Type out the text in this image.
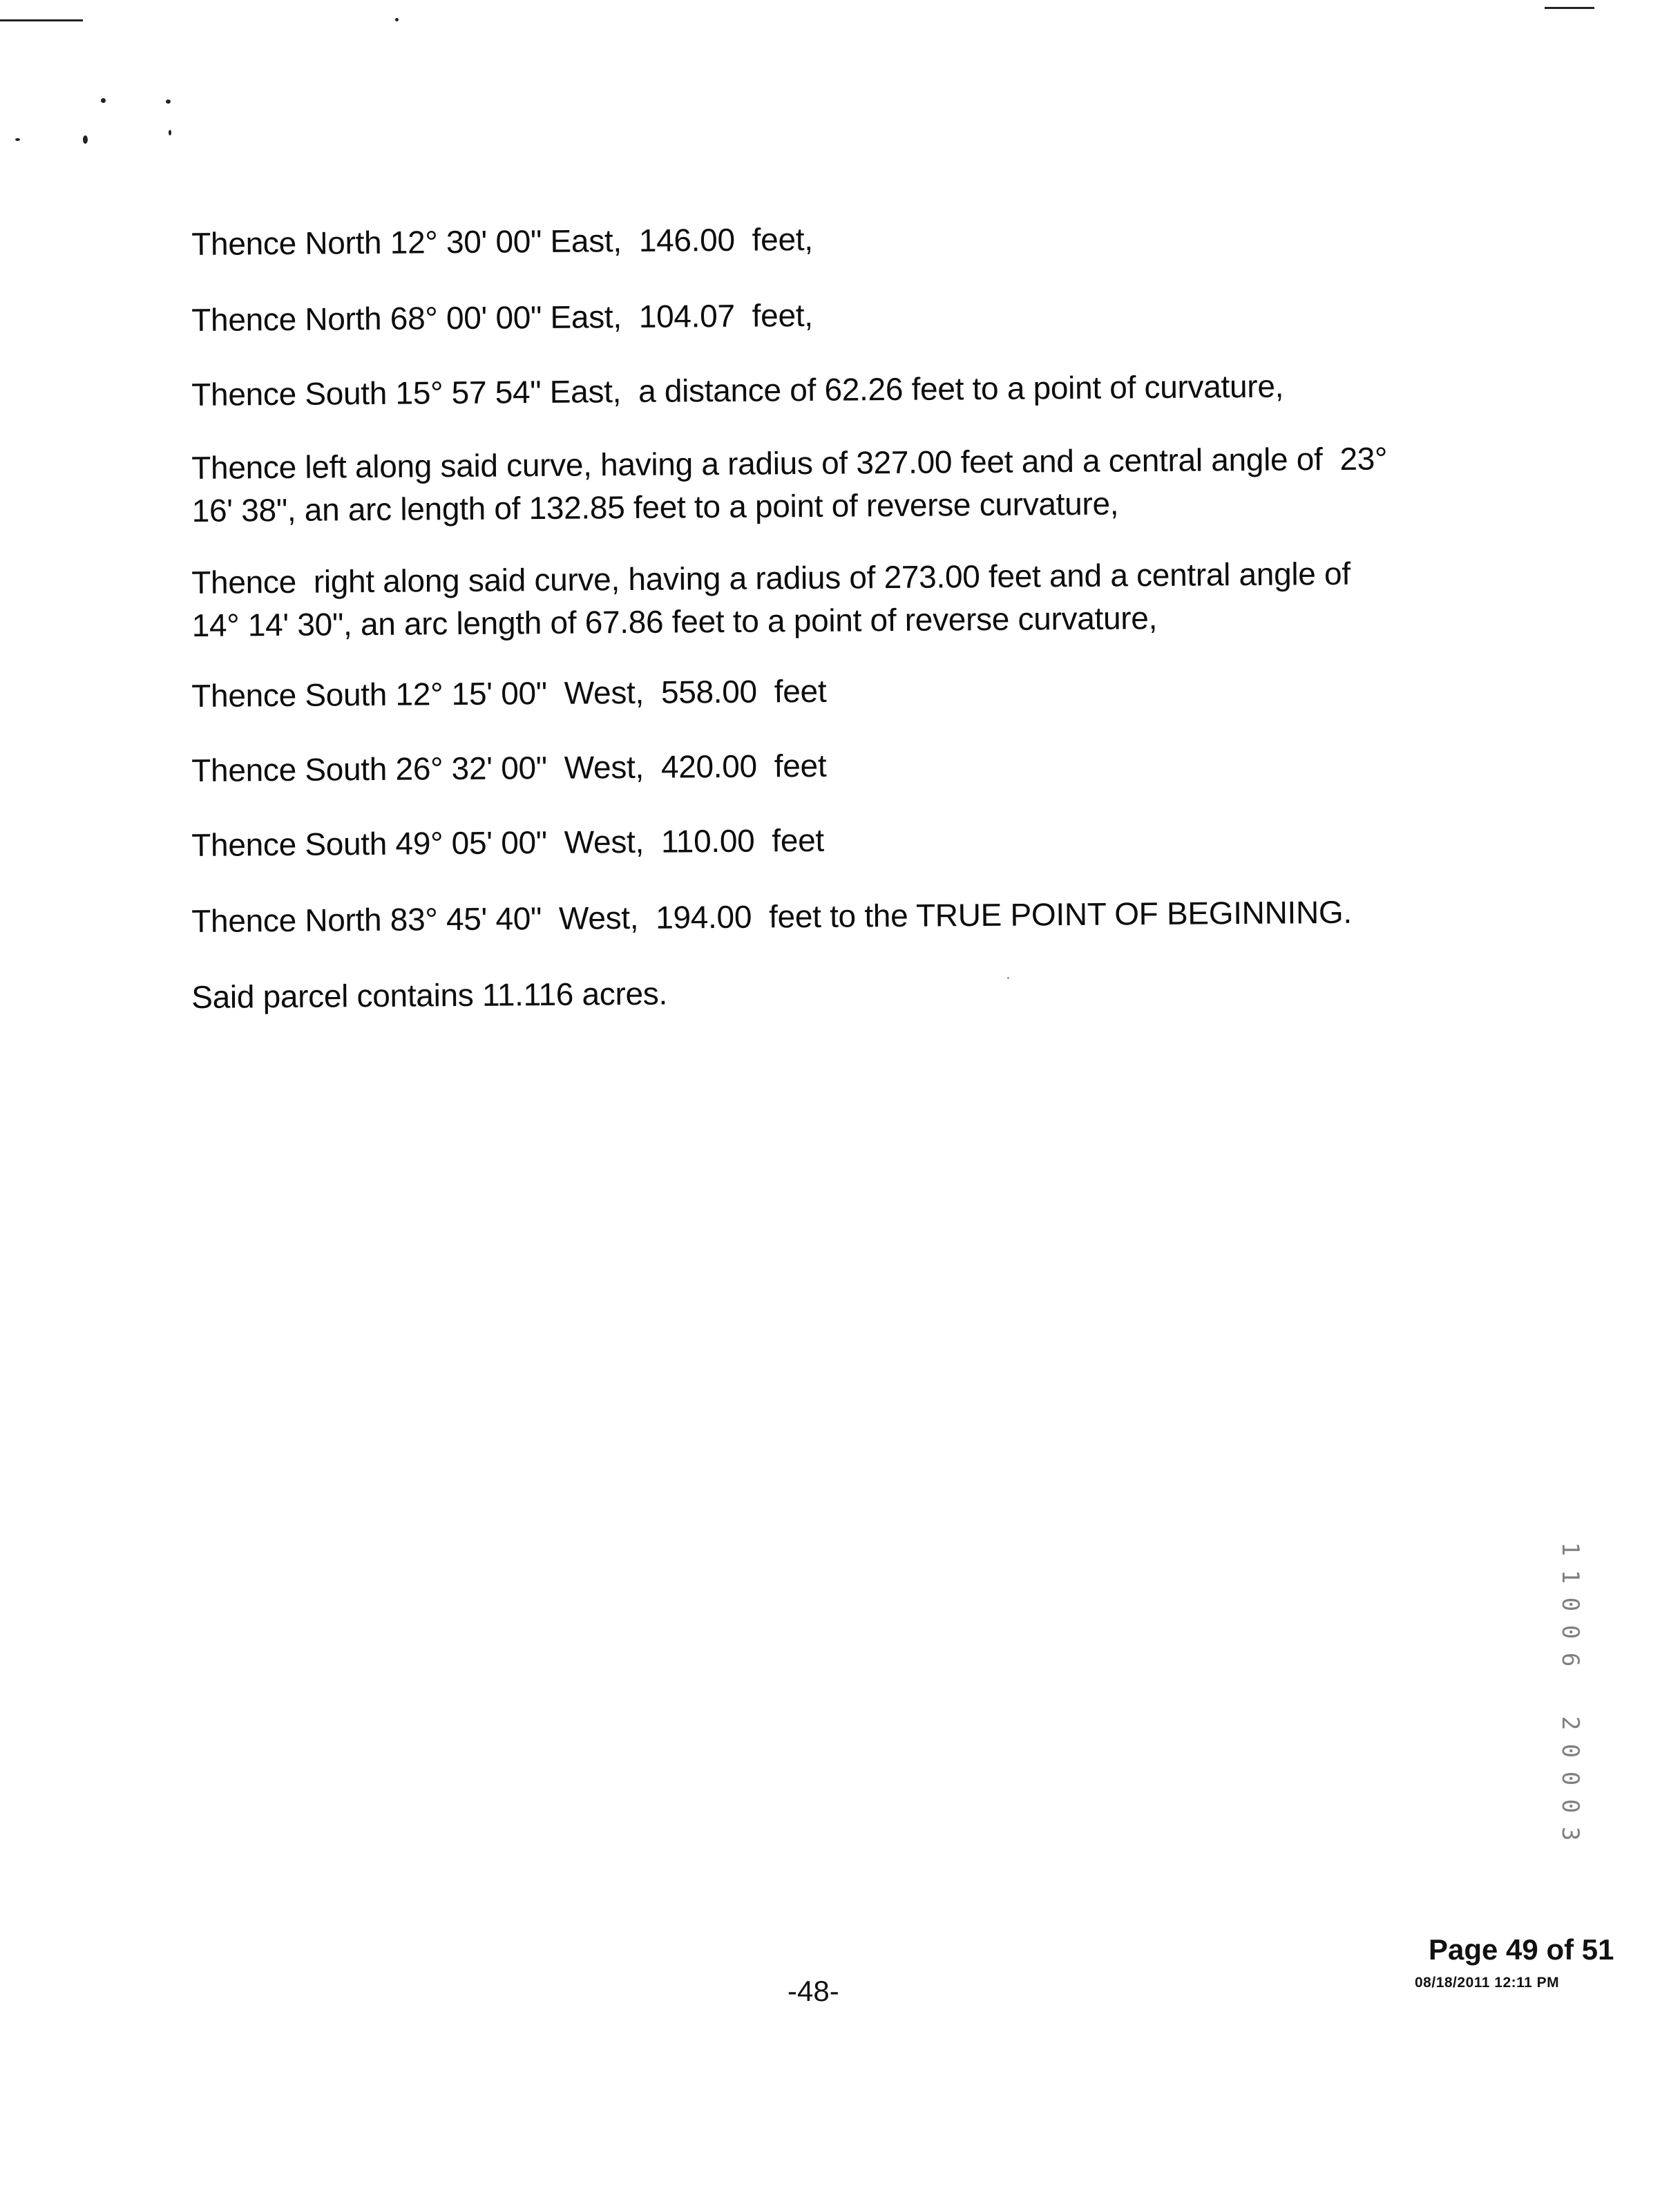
Thence North 12° 30' 00" East,  146.00  feet,
Thence North 68° 00' 00" East,  104.07  feet,
Thence South 15° 57 54" East,  a distance of 62.26 feet to a point of curvature,
Thence left along said curve, having a radius of 327.00 feet and a central angle of  23°
16' 38", an arc length of 132.85 feet to a point of reverse curvature,
Thence  right along said curve, having a radius of 273.00 feet and a central angle of
14° 14' 30", an arc length of 67.86 feet to a point of reverse curvature,
Thence South 12° 15' 00"  West,  558.00  feet
Thence South 26° 32' 00"  West,  420.00  feet
Thence South 49° 05' 00"  West,  110.00  feet
Thence North 83° 45' 40"  West,  194.00  feet to the TRUE POINT OF BEGINNING.
Said parcel contains 11.116 acres.
-48-
Page 49 of 51
08/18/2011 12:11 PM
1
1
0
0
6
2
0
0
0
3
